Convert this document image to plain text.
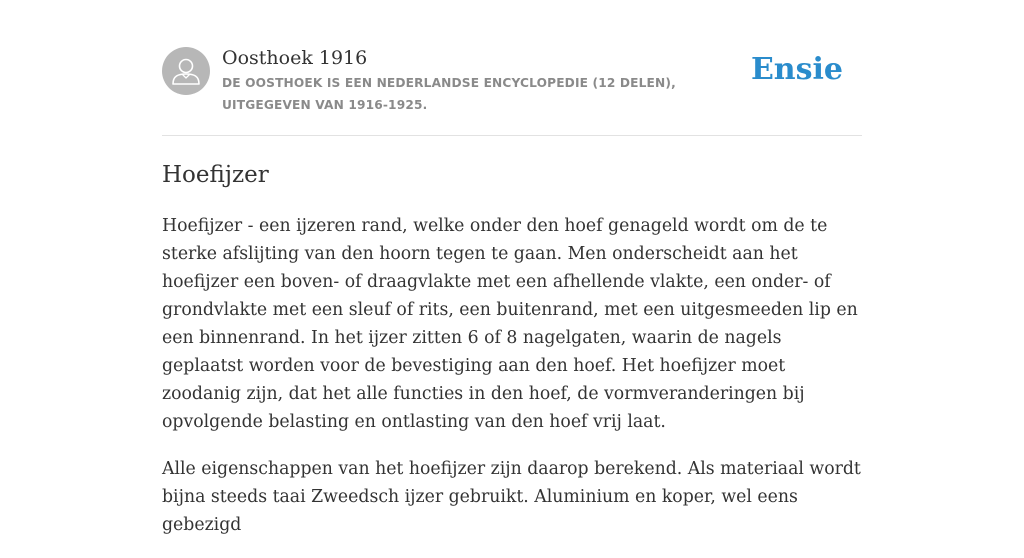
Oosthoek 1916
DE OOSTHOEK IS EEN NEDERLANDSE ENCYCLOPEDIE (12 DELEN), UITGEGEVEN VAN 1916-1925.
Ensie
Hoefijzer

Hoefijzer - een ijzeren rand, welke onder den hoef genageld wordt om de te sterke afslijting van den hoorn tegen te gaan. Men onderscheidt aan het hoefijzer een boven- of draagvlakte met een afhellende vlakte, een onder- of grondvlakte met een sleuf of rits, een buitenrand, met een uitgesmeeden lip en een binnenrand. In het ijzer zitten 6 of 8 nagelgaten, waarin de nagels geplaatst worden voor de bevestiging aan den hoef. Het hoefijzer moet zoodanig zijn, dat het alle functies in den hoef, de vormveranderingen bij opvolgende belasting en ontlasting van den hoef vrij laat.

Alle eigenschappen van het hoefijzer zijn daarop berekend. Als materiaal wordt bijna steeds taai Zweedsch ijzer gebruikt. Aluminium en koper, wel eens gebezigd
